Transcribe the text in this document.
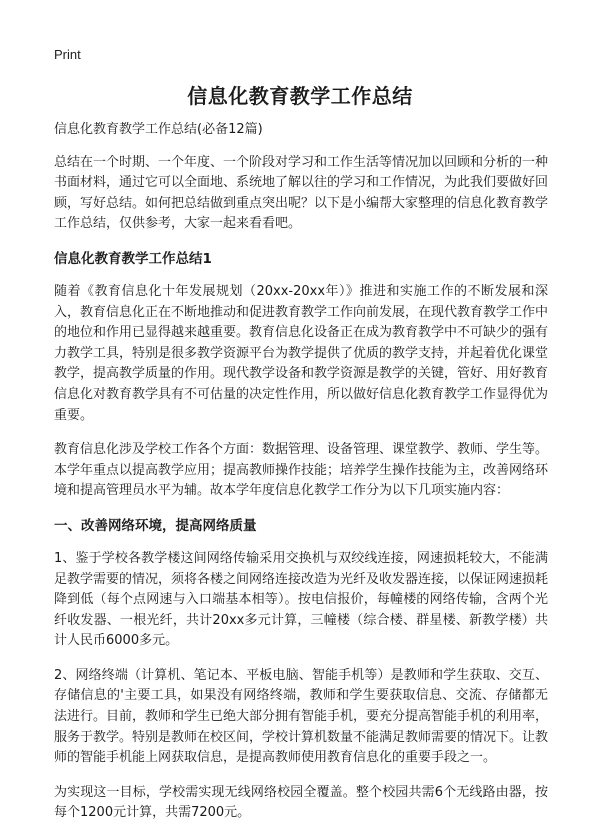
Print
信息化教育教学工作总结

信息化教育教学工作总结(必备12篇)

总结在一个时期、一个年度、一个阶段对学习和工作生活等情况加以回顾和分析的一种书面材料，通过它可以全面地、系统地了解以往的学习和工作情况，为此我们要做好回顾，写好总结。如何把总结做到重点突出呢？以下是小编帮大家整理的信息化教育教学工作总结，仅供参考，大家一起来看看吧。

信息化教育教学工作总结1

随着《教育信息化十年发展规划（20xx-20xx年）》推进和实施工作的不断发展和深入，教育信息化正在不断地推动和促进教育教学工作向前发展，在现代教育教学工作中的地位和作用已显得越来越重要。教育信息化设备正在成为教育教学中不可缺少的强有力教学工具，特别是很多教学资源平台为教学提供了优质的教学支持，并起着优化课堂教学，提高教学质量的作用。现代教学设备和教学资源是教学的关键，管好、用好教育信息化对教育教学具有不可估量的决定性作用，所以做好信息化教育教学工作显得优为重要。

教育信息化涉及学校工作各个方面：数据管理、设备管理、课堂教学、教师、学生等。本学年重点以提高教学应用；提高教师操作技能；培养学生操作技能为主，改善网络环境和提高管理员水平为辅。故本学年度信息化教学工作分为以下几项实施内容：

一、改善网络环境，提高网络质量

1、鉴于学校各教学楼这间网络传输采用交换机与双绞线连接，网速损耗较大，不能满足教学需要的情况，须将各楼之间网络连接改造为光纤及收发器连接，以保证网速损耗降到低（每个点网速与入口端基本相等）。按电信报价，每幢楼的网络传输，含两个光纤收发器、一根光纤，共计20xx多元计算，三幢楼（综合楼、群星楼、新教学楼）共计人民币6000多元。

2、网络终端（计算机、笔记本、平板电脑、智能手机等）是教师和学生获取、交互、存储信息的'主要工具，如果没有网络终端，教师和学生要获取信息、交流、存储都无法进行。目前，教师和学生已绝大部分拥有智能手机，要充分提高智能手机的利用率，服务于教学。特别是教师在校区间，学校计算机数量不能满足教师需要的情况下。让教师的智能手机能上网获取信息，是提高教师使用教育信息化的重要手段之一。

为实现这一目标，学校需实现无线网络校园全覆盖。整个校园共需6个无线路由器，按每个1200元计算，共需7200元。
